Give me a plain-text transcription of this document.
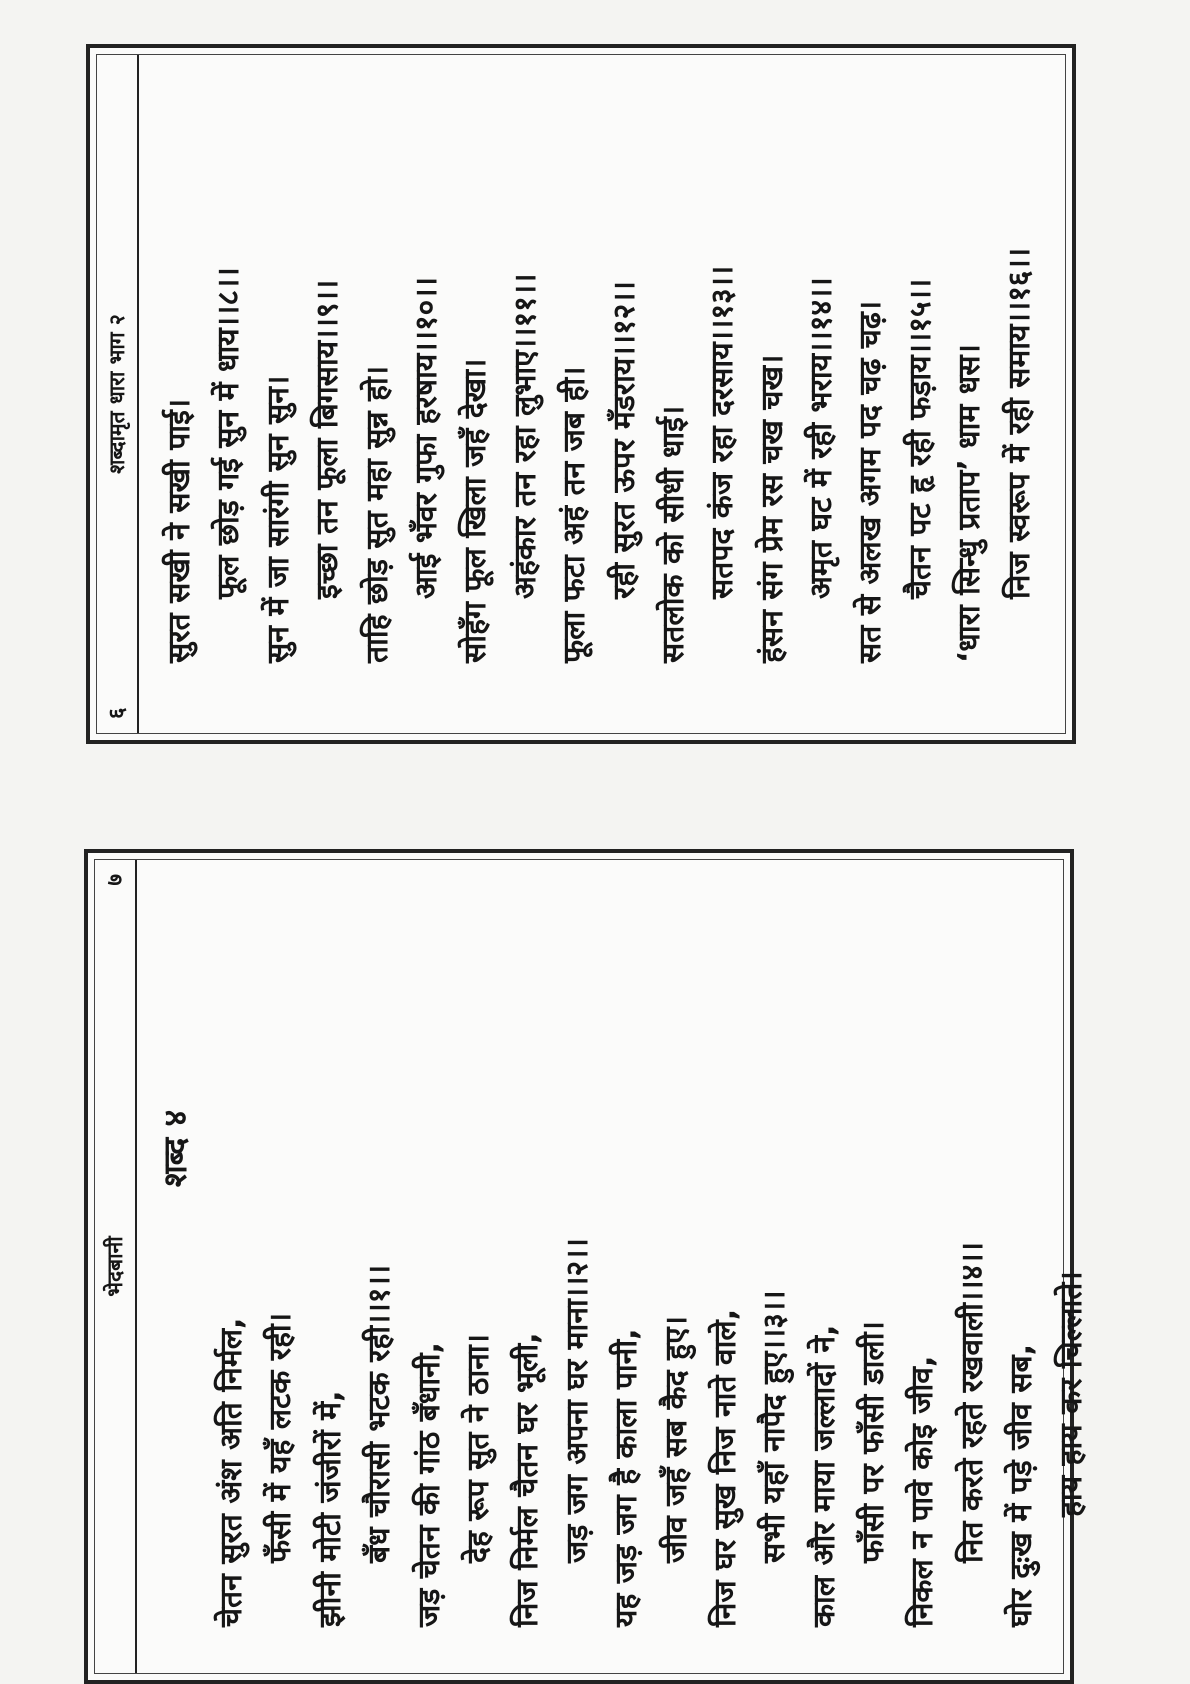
६
शब्दामृत धारा भाग २
सुरत सखी ने सखी पाई। फूल छोड़ गई सुन में धाय।।८।। सुन में जा सारंगी सुन सुन। इच्छा तन फूला बिगसाय।।९।। ताहि छोड़ सुत महा सुन्न हो। आई भँवर गुफा हरषाय।।१०।। सोहँग फूल खिला जहँ देखा। अहंकार तन रहा लुभाए।।११।। फूला फटा अहं तन जब ही। रही सुरत ऊपर मँडराय।।१२।। सतलोक को सीधी धाई। सतपद कंज रहा दरसाय।।१३।। हंसन संग प्रेम रस चख चख। अमृत घट में रही भराय।।१४।। सत से अलख अगम पद चढ़ चढ़। चैतन पट हृ रही फड़ाय।।१५।। ‘धारा सिन्धु प्रताप’ धाम धस। निज स्वरूप में रही समाय।।१६।।
भेदबानी
७
शब्द ४
चेतन सुरत अंश अति निर्मल, फँसी में यहँ लटक रही। झीनी मोटी जंजीरों में, बँध चौरासी भटक रही।।१।। जड़ चेतन की गांठ बँधानी, देह रूप सुत ने ठाना। निज निर्मल चैतन घर भूली, जड़ जग अपना घर माना।।२।। यह जड़ जग है काला पानी, जीव जहँ सब कैद हुए। निज घर सुख निज नाते वाले, सभी यहाँ नापैद हुए।।३।। काल और माया जल्लादों ने, फाँसी पर फाँसी डाली। निकल न पावे कोइ जीव, नित करते रहते रखवाली।।४।। घोर दुःख में पड़े जीव सब, हाय हाय कर चिल्लाते।
